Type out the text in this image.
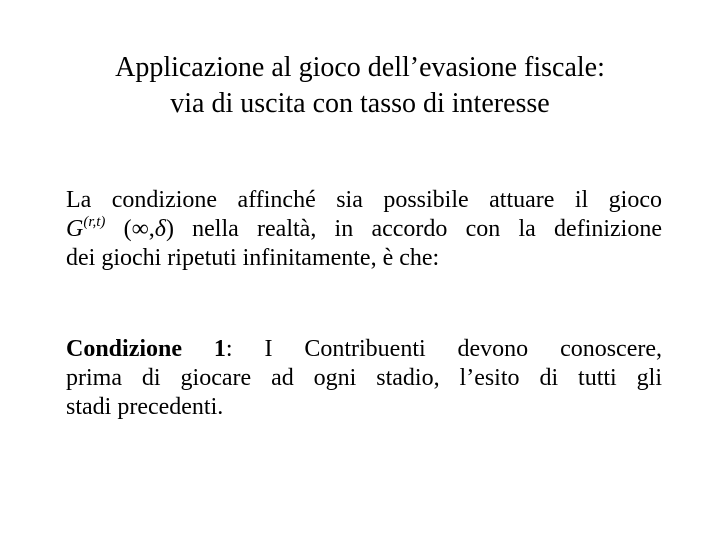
Applicazione al gioco dell’evasione fiscale:
via di uscita con tasso di interesse
La condizione affinché sia possibile attuare il gioco
G$^{(r,t)}$ (∞,δ) nella realtà, in accordo con la definizione
dei giochi ripetuti infinitamente, è che:
Condizione 1: I Contribuenti devono conoscere,
prima di giocare ad ogni stadio, l’esito di tutti gli
stadi precedenti.
